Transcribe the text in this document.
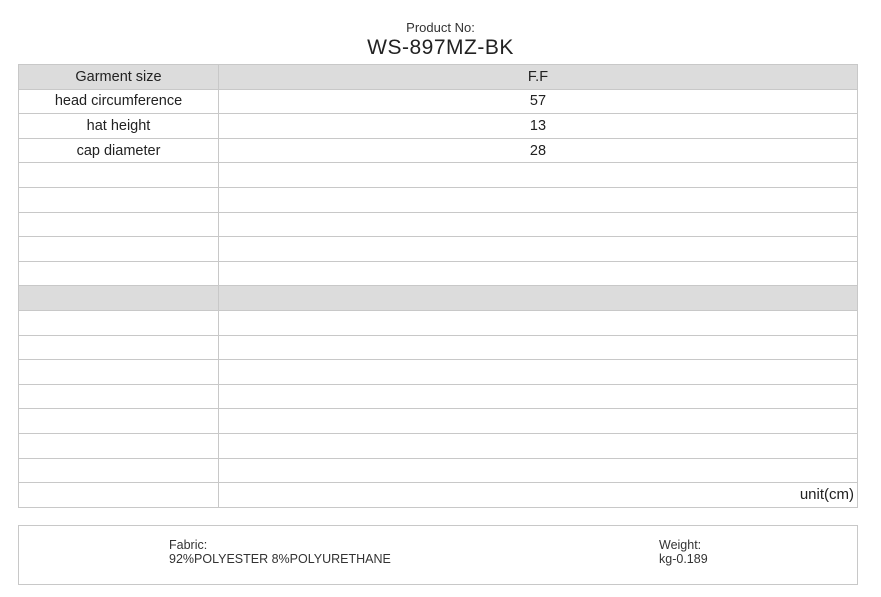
Product No:
WS-897MZ-BK
Garment size	F.F
head circumference	57
hat height	13
cap diameter	28

	unit(cm)
Fabric:
92%POLYESTER 8%POLYURETHANE
Weight:
kg-0.189
